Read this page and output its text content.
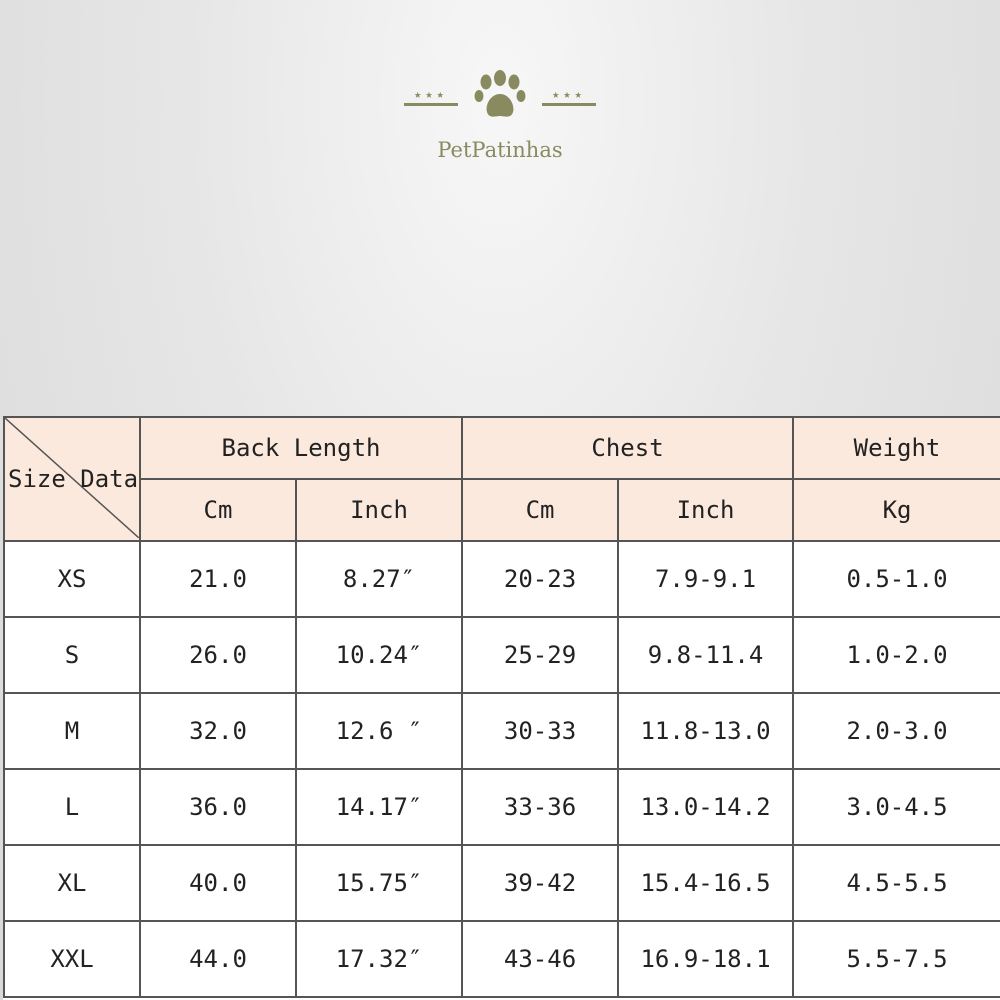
★★★	★★★
PetPatinhas
Size Data	Back Length		Chest		Weight
	Cm	Inch	Cm	Inch	Kg
XS	21.0	8.27″	20-23	7.9-9.1	0.5-1.0
S	26.0	10.24″	25-29	9.8-11.4	1.0-2.0
M	32.0	12.6 ″	30-33	11.8-13.0	2.0-3.0
L	36.0	14.17″	33-36	13.0-14.2	3.0-4.5
XL	40.0	15.75″	39-42	15.4-16.5	4.5-5.5
XXL	44.0	17.32″	43-46	16.9-18.1	5.5-7.5
